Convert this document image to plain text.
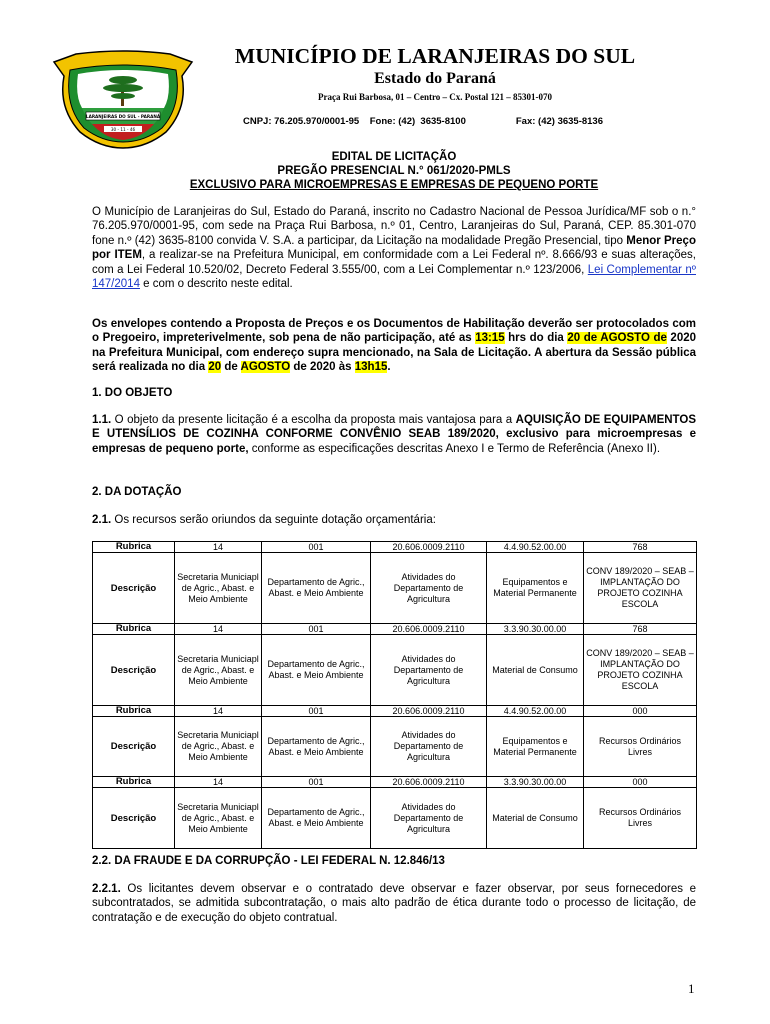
LARANJEIRAS DO SUL - PARANÁ
30 - 11 - 46
MUNICÍPIO DE LARANJEIRAS DO SUL
Estado do Paraná
Praça Rui Barbosa, 01 – Centro – Cx. Postal 121 – 85301-070
CNPJ: 76.205.970/0001-95    Fone: (42)  3635-8100	Fax: (42) 3635-8136
EDITAL DE LICITAÇÃO
PREGÃO PRESENCIAL N.° 061/2020-PMLS
EXCLUSIVO PARA MICROEMPRESAS E EMPRESAS DE PEQUENO PORTE
O Município de Laranjeiras do Sul, Estado do Paraná, inscrito no Cadastro Nacional de Pessoa Jurídica/MF sob o n.° 76.205.970/0001-95, com sede na Praça Rui Barbosa, n.º 01, Centro, Laranjeiras do Sul, Paraná, CEP. 85.301-070 fone n.º (42) 3635-8100 convida V. S.A. a participar, da Licitação na modalidade Pregão Presencial, tipo Menor Preço por ITEM, a realizar-se na Prefeitura Municipal, em conformidade com a Lei Federal nº. 8.666/93 e suas alterações, com a Lei Federal 10.520/02, Decreto Federal 3.555/00, com a Lei Complementar n.º 123/2006, Lei Complementar nº 147/2014 e com o descrito neste edital.
Os envelopes contendo a Proposta de Preços e os Documentos de Habilitação deverão ser protocolados com o Pregoeiro, impreterivelmente, sob pena de não participação, até as 13:15 hrs do dia 20 de AGOSTO de 2020 na Prefeitura Municipal, com endereço supra mencionado, na Sala de Licitação. A abertura da Sessão pública será realizada no dia 20 de AGOSTO de 2020 às 13h15.
1. DO OBJETO
1.1. O objeto da presente licitação é a escolha da proposta mais vantajosa para a AQUISIÇÃO DE EQUIPAMENTOS E UTENSÍLIOS DE COZINHA CONFORME CONVÊNIO SEAB 189/2020, exclusivo para microempresas e empresas de pequeno porte, conforme as especificações descritas Anexo I e Termo de Referência (Anexo II).
2. DA DOTAÇÃO
2.1. Os recursos serão oriundos da seguinte dotação orçamentária:
Rubrica	14	001	20.606.0009.2110	4.4.90.52.00.00	768
Descrição	Secretaria Municiapl de Agric., Abast. e Meio Ambiente	Departamento de Agric., Abast. e Meio Ambiente	Atividades do Departamento de Agricultura	Equipamentos e Material Permanente	CONV 189/2020 – SEAB – IMPLANTAÇÃO DO PROJETO COZINHA ESCOLA
Rubrica	14	001	20.606.0009.2110	3.3.90.30.00.00	768
Descrição	Secretaria Municiapl de Agric., Abast. e Meio Ambiente	Departamento de Agric., Abast. e Meio Ambiente	Atividades do Departamento de Agricultura	Material de Consumo	CONV 189/2020 – SEAB – IMPLANTAÇÃO DO PROJETO COZINHA ESCOLA
Rubrica	14	001	20.606.0009.2110	4.4.90.52.00.00	000
Descrição	Secretaria Municiapl de Agric., Abast. e Meio Ambiente	Departamento de Agric., Abast. e Meio Ambiente	Atividades do Departamento de Agricultura	Equipamentos e Material Permanente	Recursos Ordinários Livres
Rubrica	14	001	20.606.0009.2110	3.3.90.30.00.00	000
Descrição	Secretaria Municiapl de Agric., Abast. e Meio Ambiente	Departamento de Agric., Abast. e Meio Ambiente	Atividades do Departamento de Agricultura	Material de Consumo	Recursos Ordinários Livres
2.2. DA FRAUDE E DA CORRUPÇÃO - LEI FEDERAL N. 12.846/13
2.2.1. Os licitantes devem observar e o contratado deve observar e fazer observar, por seus fornecedores e subcontratados, se admitida subcontratação, o mais alto padrão de ética durante todo o processo de licitação, de contratação e de execução do objeto contratual.
1
